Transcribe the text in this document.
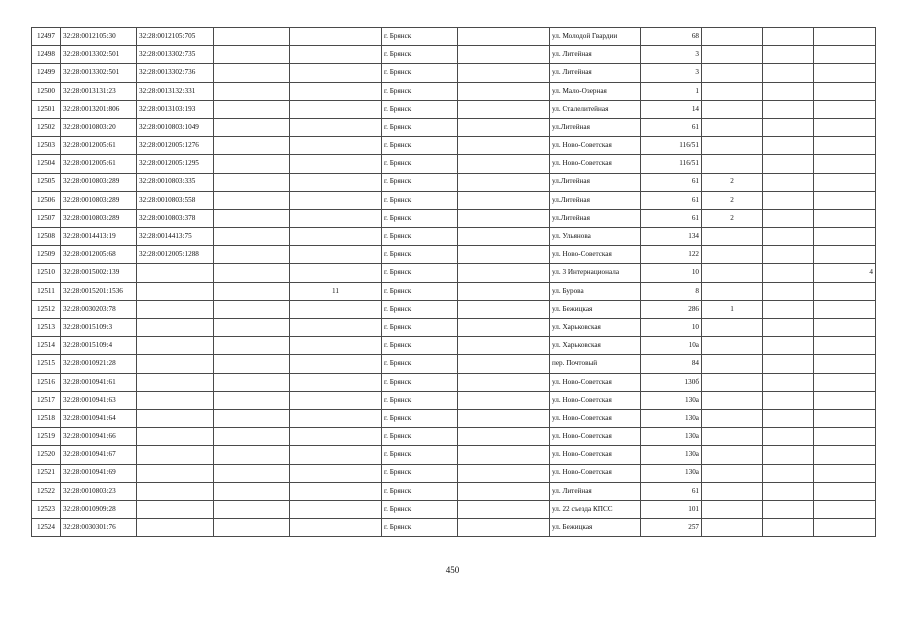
12497	32:28:0012105:30	32:28:0012105:705			г. Брянск		ул. Молодой Гвардии	68			
12498	32:28:0013302:501	32:28:0013302:735			г. Брянск		ул. Литейная	3			
12499	32:28:0013302:501	32:28:0013302:736			г. Брянск		ул. Литейная	3			
12500	32:28:0013131:23	32:28:0013132:331			г. Брянск		ул. Мало-Озерная	1			
12501	32:28:0013201:806	32:28:0013103:193			г. Брянск		ул. Сталелитейная	14			
12502	32:28:0010803:20	32:28:0010803:1049			г. Брянск		ул.Литейная	61			
12503	32:28:0012005:61	32:28:0012005:1276			г. Брянск		ул. Ново-Советская	116/51			
12504	32:28:0012005:61	32:28:0012005:1295			г. Брянск		ул. Ново-Советская	116/51			
12505	32:28:0010803:289	32:28:0010803:335			г. Брянск		ул.Литейная	61	2		
12506	32:28:0010803:289	32:28:0010803:558			г. Брянск		ул.Литейная	61	2		
12507	32:28:0010803:289	32:28:0010803:378			г. Брянск		ул.Литейная	61	2		
12508	32:28:0014413:19	32:28:0014413:75			г. Брянск		ул. Ульянова	134			
12509	32:28:0012005:68	32:28:0012005:1288			г. Брянск		ул. Ново-Советская	122			
12510	32:28:0015002:139				г. Брянск		ул. 3 Интернационала	10			4
12511	32:28:0015201:1536			11	г. Брянск		ул. Бурова	8			
12512	32:28:0030203:78				г. Брянск		ул. Бежицкая	286	1		
12513	32:28:0015109:3				г. Брянск		ул. Харьковская	10			
12514	32:28:0015109:4				г. Брянск		ул. Харьковская	10а			
12515	32:28:0010921:28				г. Брянск		пер. Почтовый	84			
12516	32:28:0010941:61				г. Брянск		ул. Ново-Советская	130б			
12517	32:28:0010941:63				г. Брянск		ул. Ново-Советская	130а			
12518	32:28:0010941:64				г. Брянск		ул. Ново-Советская	130а			
12519	32:28:0010941:66				г. Брянск		ул. Ново-Советская	130а			
12520	32:28:0010941:67				г. Брянск		ул. Ново-Советская	130а			
12521	32:28:0010941:69				г. Брянск		ул. Ново-Советская	130а			
12522	32:28:0010803:23				г. Брянск		ул. Литейная	61			
12523	32:28:0010909:28				г. Брянск		ул. 22 съезда КПСС	101			
12524	32:28:0030301:76				г. Брянск		ул. Бежицкая	257			
450
